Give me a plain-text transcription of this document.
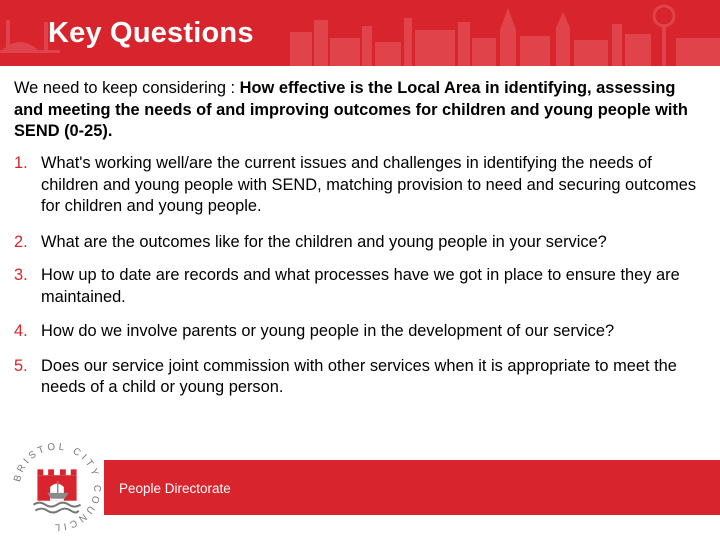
Key Questions
We need to keep considering : How effective is the Local Area in identifying, assessing and meeting the needs of and improving outcomes for children and young people with SEND (0-25).
1. What's working well/are the current issues and challenges in identifying the needs of children and young people with SEND, matching provision to need and securing outcomes for children and young people.
2. What are the outcomes like for the children and young people in your service?
3. How up to date are records and what processes have we got in place to ensure they are maintained.
4. How do we involve parents or young people in the development of our service?
5. Does our service joint commission with other services when it is appropriate to meet the needs of a child or young person.
BRISTOL CITY COUNCIL
People Directorate
